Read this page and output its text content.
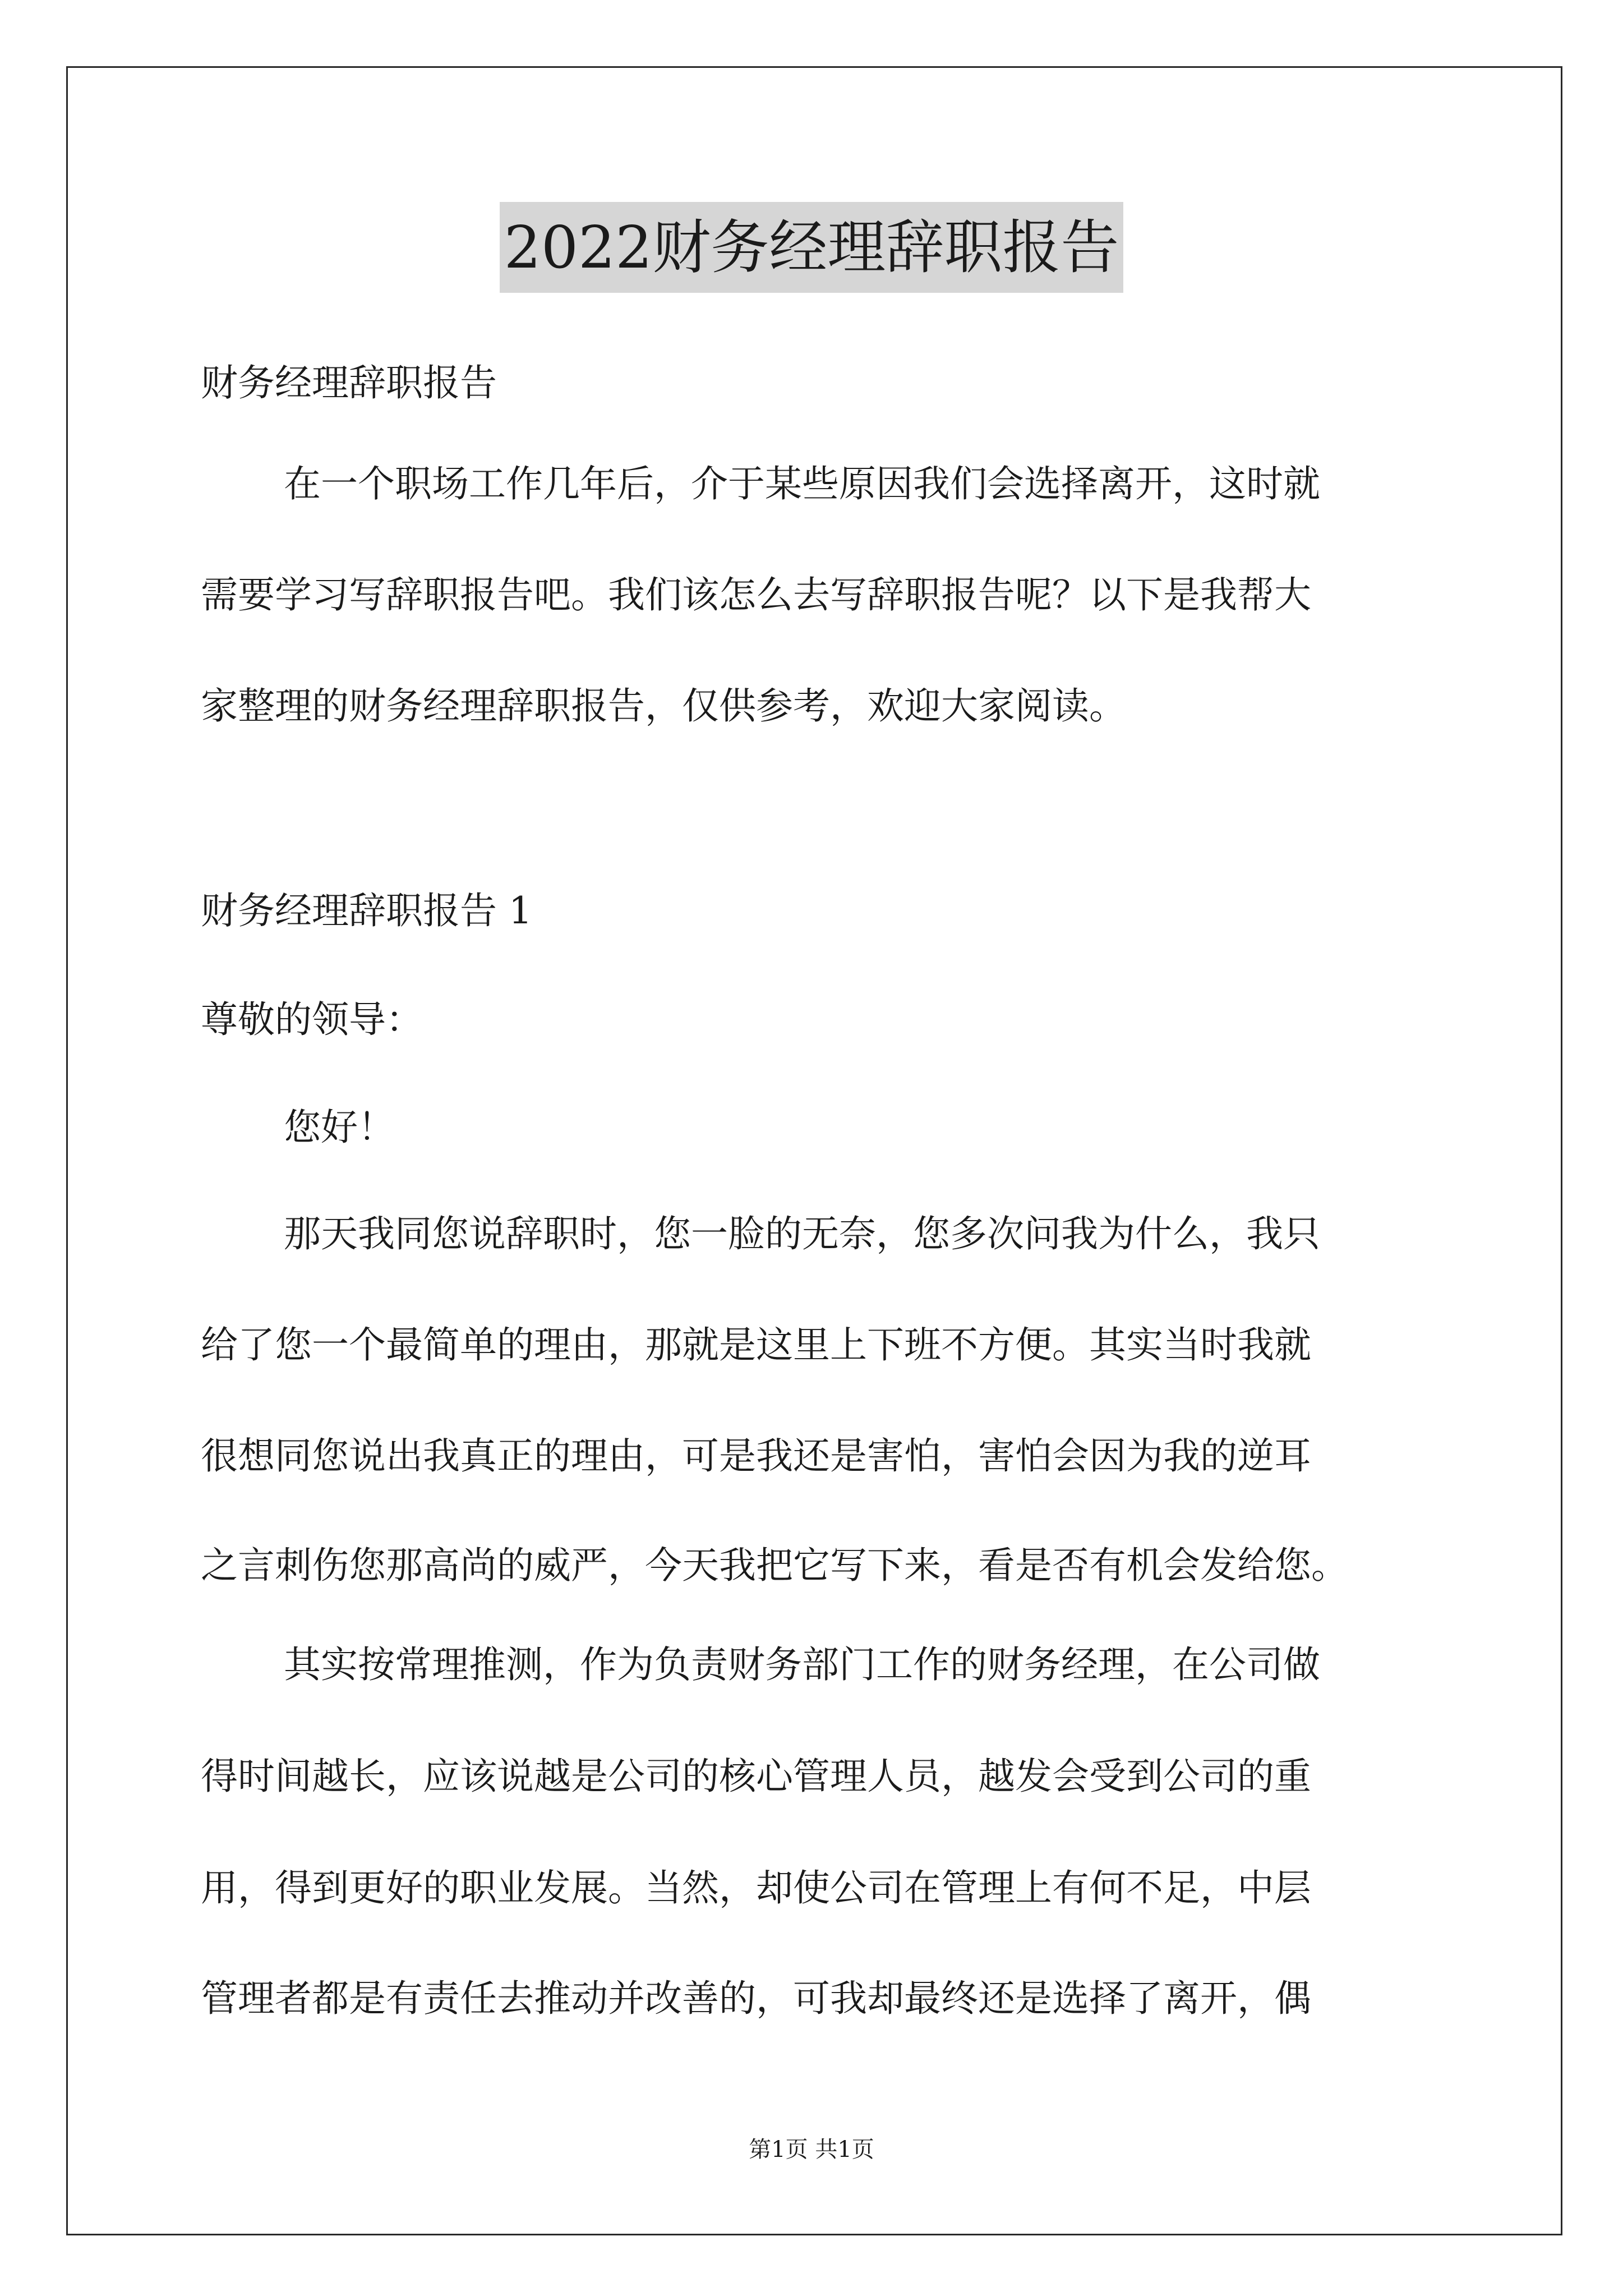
2022财务经理辞职报告

财务经理辞职报告

在一个职场工作几年后，介于某些原因我们会选择离开，这时就

需要学习写辞职报告吧。我们该怎么去写辞职报告呢？以下是我帮大

家整理的财务经理辞职报告，仅供参考，欢迎大家阅读。

财务经理辞职报告 1

尊敬的领导：

您好！

那天我同您说辞职时，您一脸的无奈，您多次问我为什么，我只

给了您一个最简单的理由，那就是这里上下班不方便。其实当时我就

很想同您说出我真正的理由，可是我还是害怕，害怕会因为我的逆耳

之言刺伤您那高尚的威严，今天我把它写下来，看是否有机会发给您。

其实按常理推测，作为负责财务部门工作的财务经理，在公司做

得时间越长，应该说越是公司的核心管理人员，越发会受到公司的重

用，得到更好的职业发展。当然，却使公司在管理上有何不足，中层

管理者都是有责任去推动并改善的，可我却最终还是选择了离开，偶

第1页 共1页
